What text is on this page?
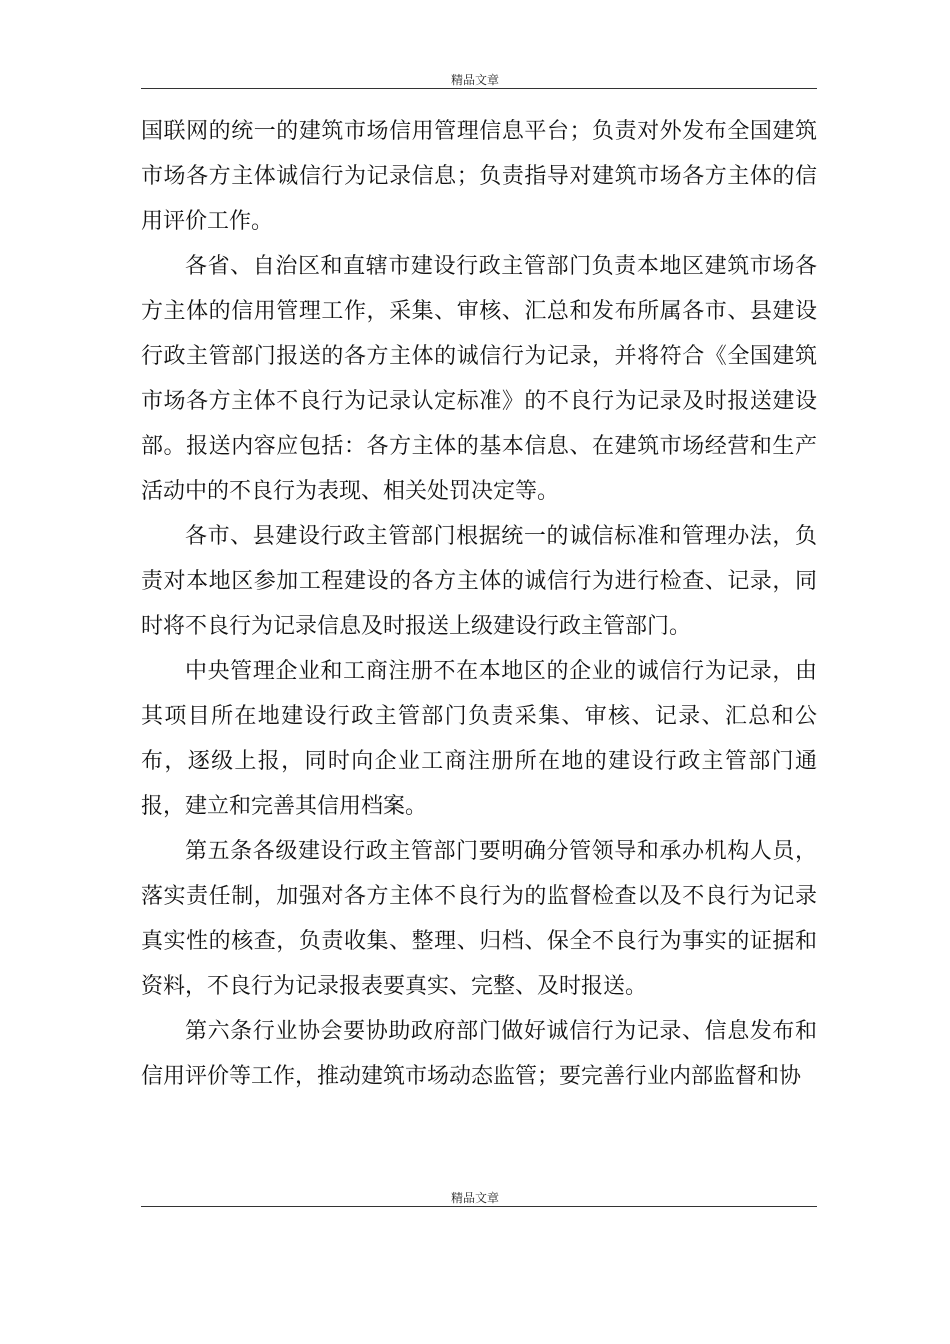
精品文章

国联网的统一的建筑市场信用管理信息平台；负责对外发布全国建筑市场各方主体诚信行为记录信息；负责指导对建筑市场各方主体的信用评价工作。

各省、自治区和直辖市建设行政主管部门负责本地区建筑市场各方主体的信用管理工作，采集、审核、汇总和发布所属各市、县建设行政主管部门报送的各方主体的诚信行为记录，并将符合《全国建筑市场各方主体不良行为记录认定标准》的不良行为记录及时报送建设部。报送内容应包括：各方主体的基本信息、在建筑市场经营和生产活动中的不良行为表现、相关处罚决定等。

各市、县建设行政主管部门根据统一的诚信标准和管理办法，负责对本地区参加工程建设的各方主体的诚信行为进行检查、记录，同时将不良行为记录信息及时报送上级建设行政主管部门。

中央管理企业和工商注册不在本地区的企业的诚信行为记录，由其项目所在地建设行政主管部门负责采集、审核、记录、汇总和公布，逐级上报，同时向企业工商注册所在地的建设行政主管部门通报，建立和完善其信用档案。

第五条各级建设行政主管部门要明确分管领导和承办机构人员，落实责任制，加强对各方主体不良行为的监督检查以及不良行为记录真实性的核查，负责收集、整理、归档、保全不良行为事实的证据和资料，不良行为记录报表要真实、完整、及时报送。

第六条行业协会要协助政府部门做好诚信行为记录、信息发布和信用评价等工作，推动建筑市场动态监管；要完善行业内部监督和协

精品文章
